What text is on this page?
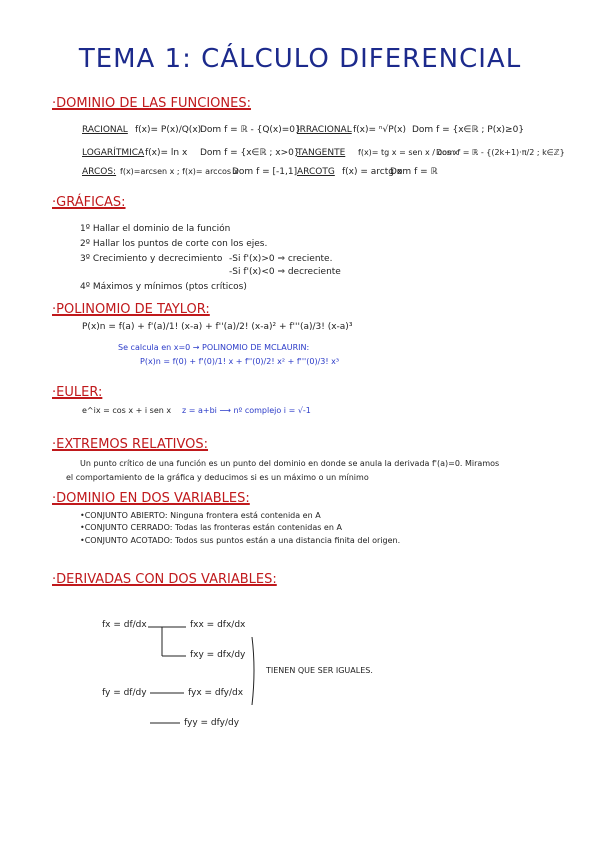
TEMA 1: CÁLCULO DIFERENCIAL
·DOMINIO DE LAS FUNCIONES:
RACIONAL f(x)= P(x)/Q(x)
Dom f = ℝ - {Q(x)=0}
IRRACIONAL f(x)= ⁿ√P(x) Dom f = {x∈ℝ ; P(x)≥0}
LOGARÍTMICA f(x)= ln x Dom f = {x∈ℝ ; x>0}
TANGENTE f(x)= tg x = sen x / cos x
Dom f = ℝ - {(2k+1)·π/2 ; k∈ℤ}
ARCOS: f(x)=arcsen x ; f(x)= arccos x
Dom f = [-1,1] ARCOTG f(x) = arctg x
Dom f = ℝ
·GRÁFICAS:
1º Hallar el dominio de la función
2º Hallar los puntos de corte con los ejes.
3º Crecimiento y decrecimiento -Si f'(x)>0 ⇒ creciente.
-Si f'(x)<0 ⇒ decreciente
4º Máximos y mínimos (ptos críticos)
·POLINOMIO DE TAYLOR:
P(x)n = f(a) + f'(a)/1! (x-a) + f''(a)/2! (x-a)² + f'''(a)/3! (x-a)³
Se calcula en x=0 → POLINOMIO DE MCLAURIN:
P(x)n = f(0) + f'(0)/1! x + f''(0)/2! x² + f'''(0)/3! x³
·EULER:
e^ix = cos x + i sen x z = a+bi ⟶ nº complejo i = √-1
·EXTREMOS RELATIVOS:
Un punto crítico de una función es un punto del dominio en donde se anula la derivada f'(a)=0. Miramos
el comportamiento de la gráfica y deducimos si es un máximo o un mínimo
·DOMINIO EN DOS VARIABLES:
•CONJUNTO ABIERTO: Ninguna frontera está contenida en A
•CONJUNTO CERRADO: Todas las fronteras están contenidas en A
•CONJUNTO ACOTADO: Todos sus puntos están a una distancia finita del origen.
·DERIVADAS CON DOS VARIABLES:
fx = df/dx	fxx = dfx/dx
fxy = dfx/dy
TIENEN QUE SER IGUALES.
fy = df/dy	fyx = dfy/dx
fyy = dfy/dy
